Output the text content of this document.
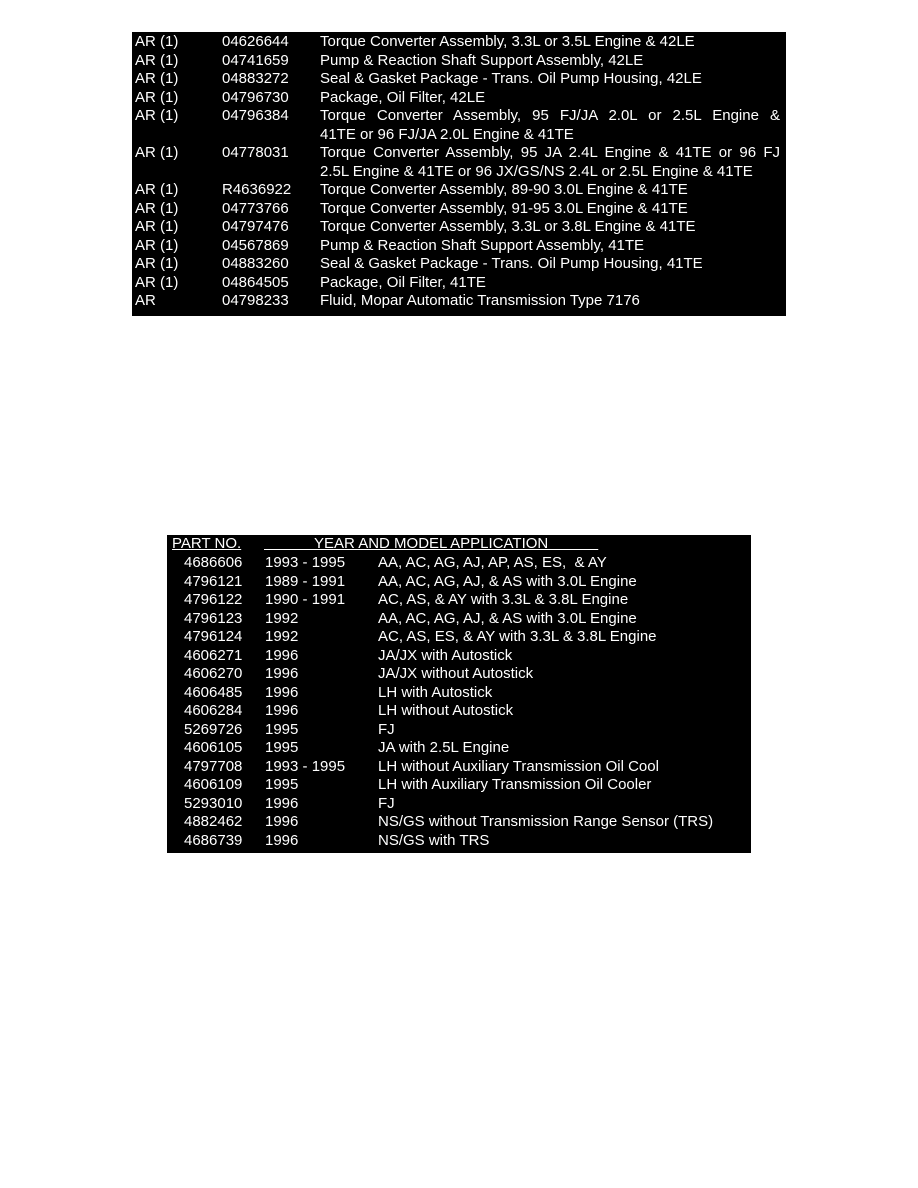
AR (1)	04626644 Torque Converter Assembly, 3.3L or 3.5L Engine & 42LE
AR (1)	04741659 Pump & Reaction Shaft Support Assembly, 42LE
AR (1)	04883272 Seal & Gasket Package - Trans. Oil Pump Housing, 42LE
AR (1)	04796730 Package, Oil Filter, 42LE
AR (1)	04796384 Torque Converter Assembly, 95 FJ/JA 2.0L or 2.5L Engine &
41TE or 96 FJ/JA 2.0L Engine & 41TE
AR (1)	04778031 Torque Converter Assembly, 95 JA 2.4L Engine & 41TE or 96 FJ
2.5L Engine & 41TE or 96 JX/GS/NS 2.4L or 2.5L Engine & 41TE
AR (1)	R4636922 Torque Converter Assembly, 89-90 3.0L Engine & 41TE
AR (1)	04773766 Torque Converter Assembly, 91-95 3.0L Engine & 41TE
AR (1)	04797476 Torque Converter Assembly, 3.3L or 3.8L Engine & 41TE
AR (1)	04567869 Pump & Reaction Shaft Support Assembly, 41TE
AR (1)	04883260 Seal & Gasket Package - Trans. Oil Pump Housing, 41TE
AR (1)	04864505 Package, Oil Filter, 41TE
AR	04798233 Fluid, Mopar Automatic Transmission Type 7176
PART NO. YEAR AND MODEL APPLICATION
4686606 1993 - 1995 AA, AC, AG, AJ, AP, AS, ES,  & AY
4796121 1989 - 1991 AA, AC, AG, AJ, & AS with 3.0L Engine
4796122 1990 - 1991 AC, AS, & AY with 3.3L & 3.8L Engine
4796123 1992	AA, AC, AG, AJ, & AS with 3.0L Engine
4796124 1992	AC, AS, ES, & AY with 3.3L & 3.8L Engine
4606271 1996	JA/JX with Autostick
4606270 1996	JA/JX without Autostick
4606485 1996	LH with Autostick
4606284 1996	LH without Autostick
5269726 1995	FJ
4606105 1995	JA with 2.5L Engine
4797708 1993 - 1995 LH without Auxiliary Transmission Oil Cool
4606109 1995	LH with Auxiliary Transmission Oil Cooler
5293010 1996	FJ
4882462 1996	NS/GS without Transmission Range Sensor (TRS)
4686739 1996	NS/GS with TRS
